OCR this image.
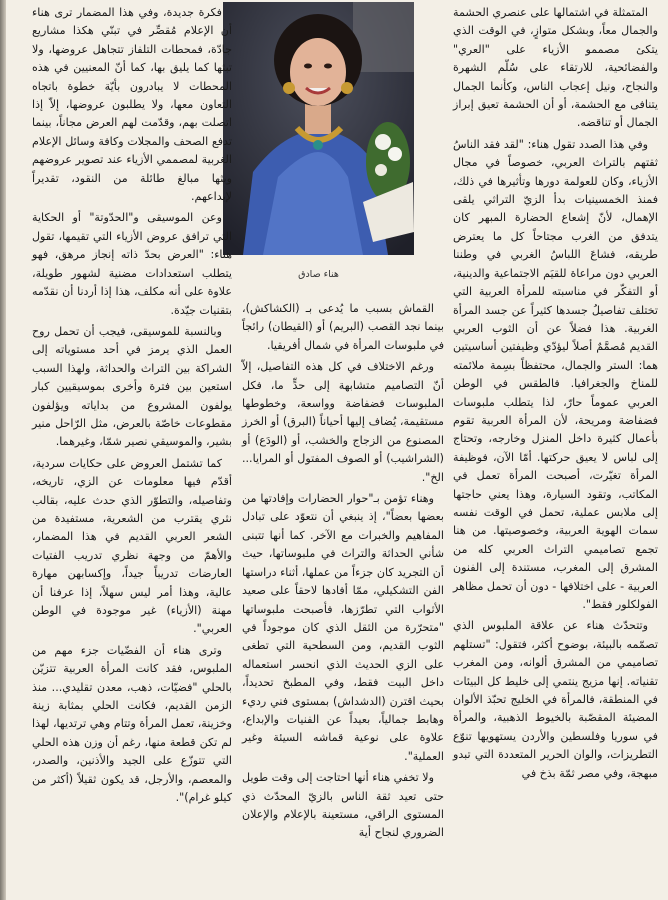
المتمثلة في اشتمالها على عنصري الحشمة والجمال معاً، وبشكل متوازٍ، في الوقت الذي يتكئ مصممو الأزياء على "العري" والفضائحية، للارتقاء على سُلّم الشهرة والنجاح، ونيل إعجاب الناس، وكأنما الجمال يتنافى مع الحشمة، أو أن الحشمة تعيق إبراز الجمال أو تناقضه.

وفي هذا الصدد تقول هناء: "لقد فقد الناسُ ثقتهم بالتراث العربي، خصوصاً في مجال الأزياء، وكان للعولمة دورها وتأثيرها في ذلك، فمنذ الخمسينيات بدأ الزيّ التراثي يلقى الإهمال، لأنّ إشعاع الحضارة المبهر كان يتدفق من الغرب مجتاحاً كل ما يعترض طريقه، فشاعَ اللباسُ الغربي في وطننا العربي دون مراعاة للقيَم الاجتماعية والدينية، أو التفكّر في مناسبته للمرأة العربية التي تختلف تفاصيلُ جسدها كثيراً عن جسد المرأة الغربية. هذا فضلاً عن أن الثوب العربي القديم مُصمَّمٌ أصلاً ليؤدّي وظيفتين أساسيتين هما: الستر والجمال، محتفظاً بسِمة ملائمته للمناخ والجغرافيا. فالطقس في الوطن العربي عموماً حارّ، لذا يتطلب ملبوسات فضفاضة ومريحة، لأن المرأة العربية تقوم بأعمال كثيرة داخل المنزل وخارجه، وتحتاج إلى لباس لا يعيق حركتها. أمّا الآن، فوظيفة المرأة تغيّرت، أصبحت المرأة تعمل في المكاتب، وتقود السيارة، وهذا يعني حاجتها إلى ملابس عملية، تحمل في الوقت نفسه سمات الهوية العربية، وخصوصيتها. من هنا تجمع تصاميمي التراث العربي كله من المشرق إلى المغرب، مستندة إلى الفنون العربية - على اختلافها - دون أن تحمل مظاهر الفولكلور فقط".

وتتحدّث هناء عن علاقة الملبوس الذي تصمّمه بالبيئة، بوضوح أكثر، فتقول: "تستلهم تصاميمي من المشرق ألوانه، ومن المغرب تقنياته. إنها مزيج ينتمي إلى خليط كل البيئات في المنطقة، فالمرأة في الخليج تحبّذ الألوان المضيئة المقصّبة بالخيوط الذهبية، والمرأة في سوريا وفلسطين والأردن يستهويها تنوّع التطريزات، والوان الحرير المتعددة التي تبدو مبهجة، وفي مصر ثمّة بذخ في

هناء صادق

القماش بسبب ما يُدعى بـ (الكشاكش)، بينما نجد القصب (البريم) أو (القيطان) رائجاً في ملبوسات المرأة في شمال أفريقيا.

ورغم الاختلاف في كل هذه التفاصيل، إلاّ أنّ التصاميم متشابهة إلى حدٍّ ما، فكل الملبوسات فضفاضة وواسعة، وخطوطها مستقيمة، يُضاف إليها أحياناً (البرق) أو الخرز المصنوع من الزجاج والخشب، أو (الودَع) أو (الشراشيب) أو الصوف المفتول أو المرايا... الخ".

وهناء تؤمن بـ"حوار الحضارات وإفادتها من بعضها بعضاً"، إذ ينبغي أن نتعوّد على تبادل المفاهيم والخبرات مع الآخر. كما أنها تتبنى شأني الحداثة والتراث في ملبوساتها، حيث أن التجريد كان جزءاً من عملها، أثناء دراستها الفن التشكيلي، ممّا أفادها لاحقاً على صعيد الأثواب التي تطرّزها، فأصبحت ملبوساتها "متحرّرة من الثقل الذي كان موجوداً في الثوب القديم، ومن السطحية التي تطغى على الزي الحديث الذي انحسر استعماله داخل البيت فقط، وفي المطبخ تحديداً، بحيث اقترن (الدشداش) بمستوى فني رديء وهابط جمالياً، بعيداً عن الفنيات والإبداع، علاوة على نوعية قماشه السيئة وغير العملية".

ولا تخفي هناء أنها احتاجت إلى وقت طويل حتى تعيد ثقة الناس بالزيّ المحدّث ذي المستوى الراقي، مستعينة بالإعلام والإعلان الضروري لنجاح أية

فكرة جديدة، وفي هذا المضمار ترى هناء أن الإعلام مُقصِّر في تبنّي هكذا مشاريع جادّة، فمحطات التلفاز تتجاهل عروضها، ولا تبثها كما يليق بها، كما أنّ المعنيين في هذه المحطات لا يبادرون بأيّة خطوة باتجاه التعاون معها، ولا يطلبون عروضها، إلاّ إذا اتصلت بهم، وقدّمت لهم العرض مجاناً، بينما تدفع الصحف والمجلات وكافة وسائل الإعلام الغربية لمصممي الأزياء عند تصوير عروضهم وبثها مبالغ طائلة من النقود، تقديراً لإبداعهم.

وعن الموسيقى و"الحدّوتة" أو الحكاية التي ترافق عروض الأزياء التي تقيمها، تقول هناء: "العرض بحدّ ذاته إنجاز مرهق، فهو يتطلب استعدادات مضنية لشهور طويلة، علاوة على أنه مكلف، هذا إذا أردنا أن نقدّمه بتقنيات جيّدة.

وبالنسبة للموسيقى، فيجب أن تحمل روح العمل الذي يرمز في أحد مستوياته إلى الشراكة بين التراث والحداثة، ولهذا السبب استعين بين فترة وأخرى بموسيقيين كبار يولفون المشروع من بداياته ويؤلفون مقطوعات خاصّة بالعرض، مثل الرّاحل منير بشير، والموسيقي نصير شمّا، وغيرهما.

كما تشتمل العروض على حكايات سردية، أقدّم فيها معلومات عن الزي، تاريخه، وتفاصيله، والتطوّر الذي حدث عليه، بقالب نثري يقترب من الشعرية، مستفيدة من الشعر العربي القديم في هذا المضمار، والأهمّ من وجهة نظري تدريب الفتيات العارضات تدريباً جيداً، وإكسابهن مهارة عالية، وهذا أمر ليس سهلاً، إذا عرفنا أن مهنة (الأزياء) غير موجودة في الوطن العربي".

وترى هناء أن الفضّيات جزء مهم من الملبوس، فقد كانت المرأة العربية تتزيّن بالحلي "فضيّات، ذهب، معدن تقليدي... منذ الزمن القديم، فكانت الحلي بمثابة زينة وخزينة، تعمل المرأة وتتام وهي ترتديها، لهذا لم تكن قطعة منها، رغم أن وزن هذه الحلي التي تتوزّع على الجيد والأذنين، والصدر، والمعصم، والأرجل، قد يكون ثقيلاً (أكثر من كيلو غرام)".
